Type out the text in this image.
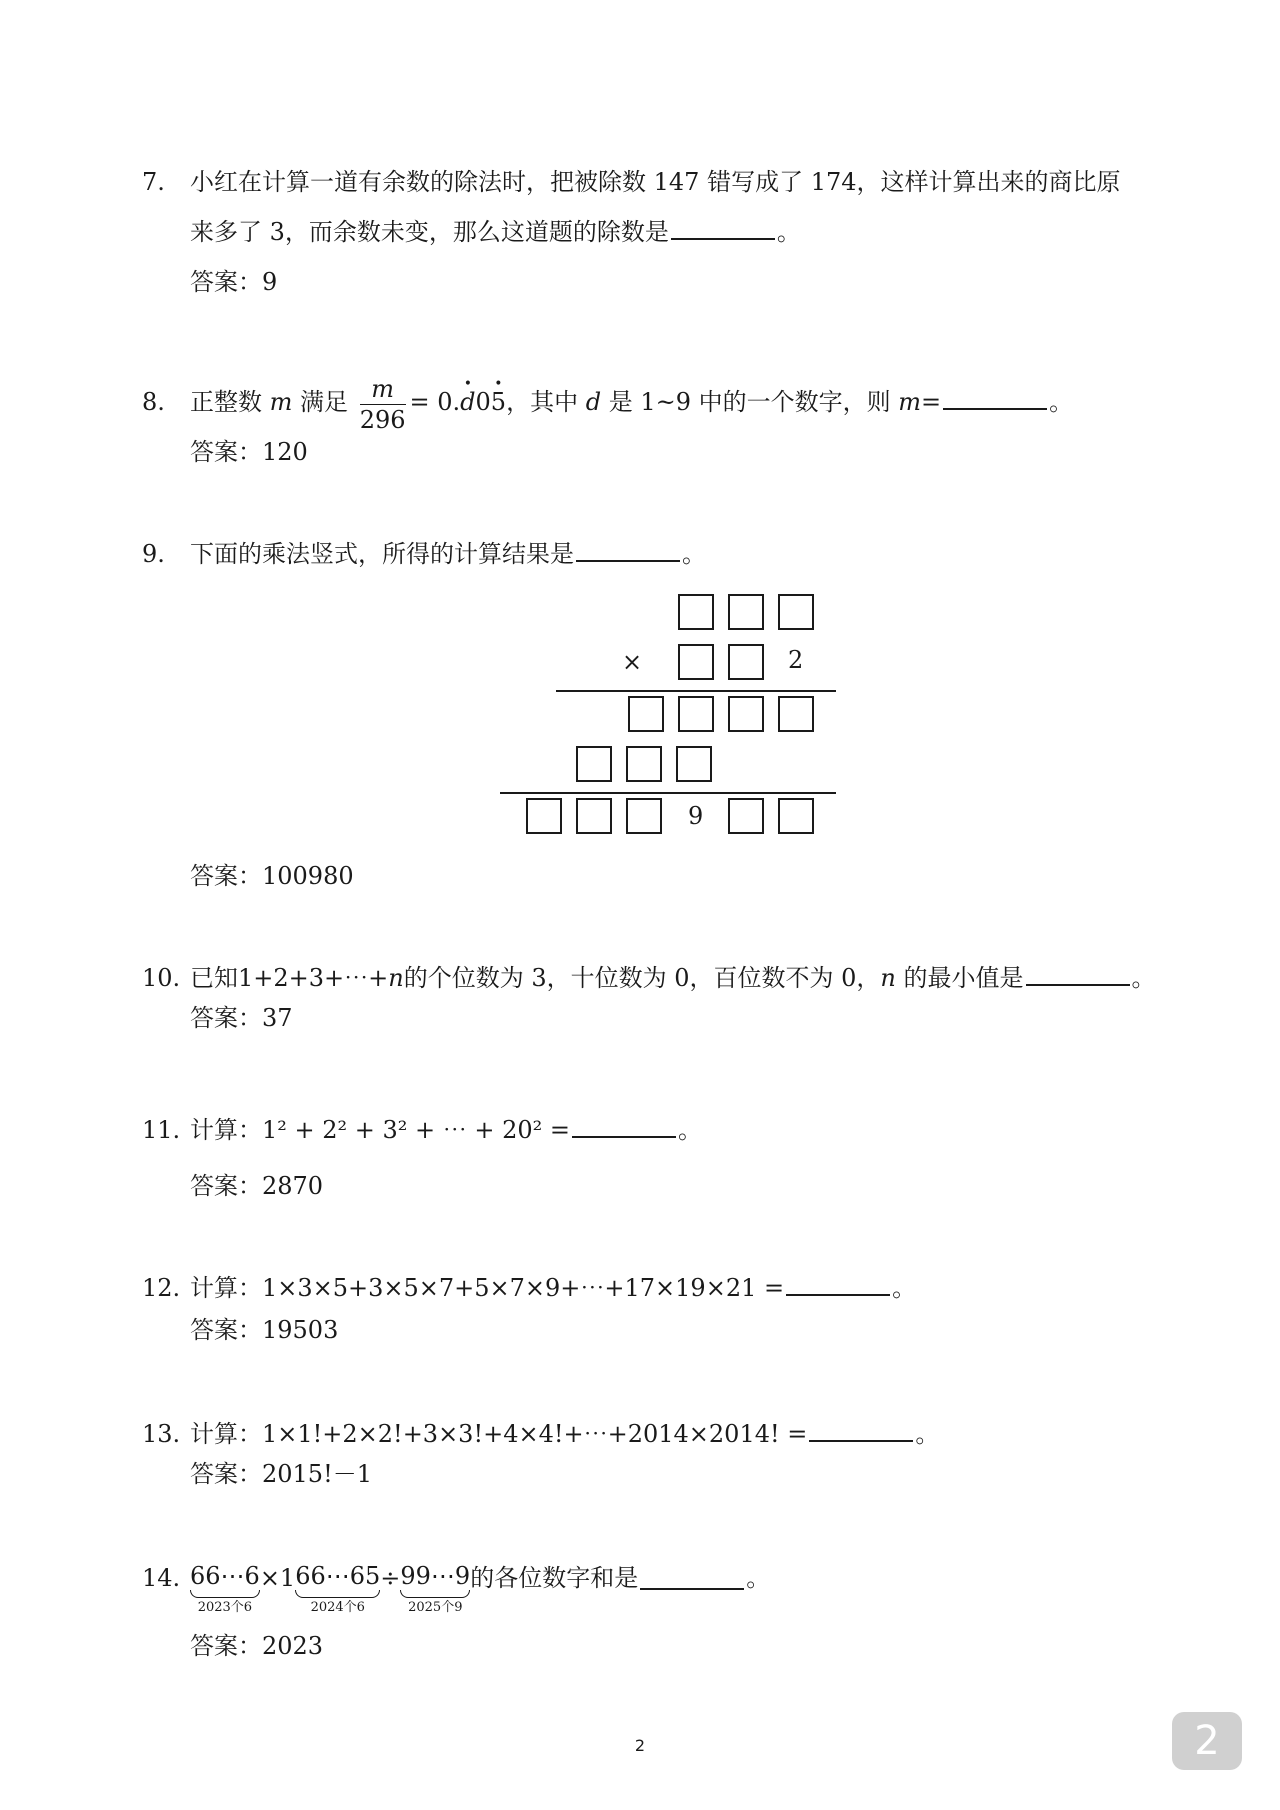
7. 小红在计算一道有余数的除法时，把被除数 147 错写成了 174，这样计算出来的商比原
来多了 3，而余数未变，那么这道题的除数是	。
答案：9
8. 正整数 m 满足 $\frac{m}{296}$ = 0.• d0• 5，其中 d 是 1~9 中的一个数字，则 m=	。
答案：120
9. 下面的乘法竖式，所得的计算结果是	。
×	2
9
答案：100980
10. 已知1+2+3+⋯+n的个位数为 3，十位数为 0，百位数不为 0，n 的最小值是	。
答案：37
11. 计算：1² + 2² + 3² + ⋯ + 20² =	。
答案：2870
12. 计算：1×3×5+3×5×7+5×7×9+⋯+17×19×21 =	。
答案：19503
13. 计算：1×1!+2×2!+3×3!+4×4!+⋯+2014×2014! =	。
答案：2015!－1
14. 66⋯6
2023个6
×1 66⋯65
2024个6
÷ 99⋯9
2025个9
的各位数字和是	。
答案：2023
2	2
